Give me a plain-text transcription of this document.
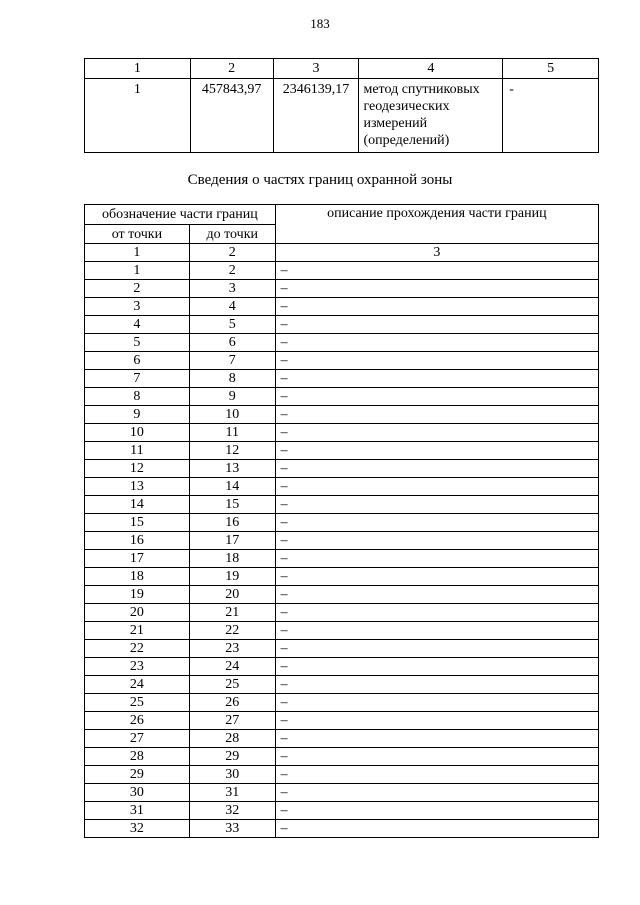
183
1	2	3	4	5
1	457843,97	2346139,17	метод спутниковых
геодезических
измерений
(определений)	-
Сведения о частях границ охранной зоны
обозначение части границ		описание прохождения части границ
от точки	до точки	
1	2	3
1	2	–
2	3	–
3	4	–
4	5	–
5	6	–
6	7	–
7	8	–
8	9	–
9	10	–
10	11	–
11	12	–
12	13	–
13	14	–
14	15	–
15	16	–
16	17	–
17	18	–
18	19	–
19	20	–
20	21	–
21	22	–
22	23	–
23	24	–
24	25	–
25	26	–
26	27	–
27	28	–
28	29	–
29	30	–
30	31	–
31	32	–
32	33	–
